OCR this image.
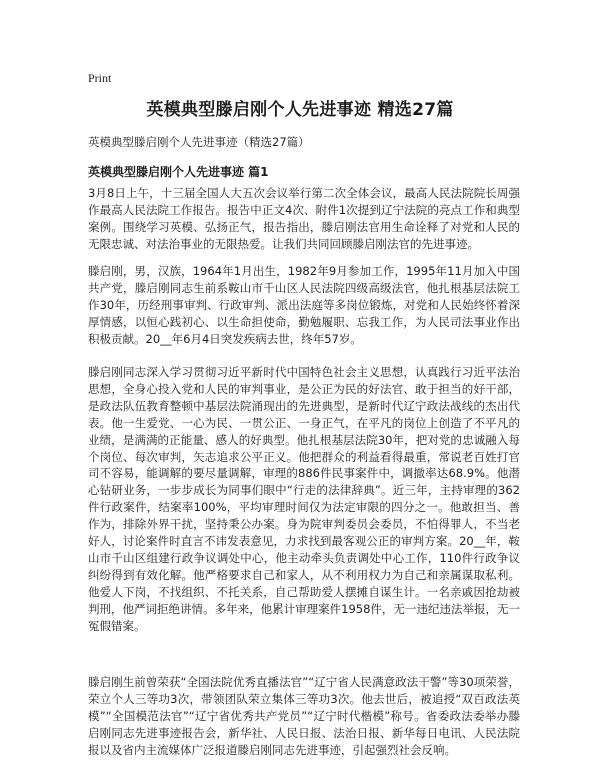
Print
英模典型滕启刚个人先进事迹 精选27篇

英模典型滕启刚个人先进事迹（精选27篇）

英模典型滕启刚个人先进事迹 篇1

3月8日上午，十三届全国人大五次会议举行第二次全体会议，最高人民法院院长周强作最高人民法院工作报告。报告中正文4次、附件1次提到辽宁法院的亮点工作和典型案例。围绕学习英模、弘扬正气，报告指出，滕启刚法官用生命诠释了对党和人民的无限忠诚、对法治事业的无限热爱。让我们共同回顾滕启刚法官的先进事迹。

滕启刚，男，汉族，1964年1月出生，1982年9月参加工作，1995年11月加入中国共产党，滕启刚同志生前系鞍山市千山区人民法院四级高级法官，他扎根基层法院工作30年，历经刑事审判、行政审判、派出法庭等多岗位锻炼，对党和人民始终怀着深厚情感，以恒心践初心、以生命担使命，勤勉履职、忘我工作，为人民司法事业作出积极贡献。20__年6月4日突发疾病去世，终年57岁。

滕启刚同志深入学习贯彻习近平新时代中国特色社会主义思想，认真践行习近平法治思想，全身心投入党和人民的审判事业，是公正为民的好法官、敢于担当的好干部，是政法队伍教育整顿中基层法院涌现出的先进典型，是新时代辽宁政法战线的杰出代表。他一生爱党、一心为民、一贯公正、一身正气，在平凡的岗位上创造了不平凡的业绩，是满满的正能量、感人的好典型。他扎根基层法院30年，把对党的忠诚融入每个岗位、每次审判，矢志追求公平正义。他把群众的利益看得最重，常说老百姓打官司不容易，能调解的要尽量调解，审理的886件民事案件中，调撤率达68.9%。他潜心钻研业务，一步步成长为同事们眼中“行走的法律辞典”。近三年，主持审理的362件行政案件，结案率100%，平均审理时间仅为法定审限的四分之一。他敢担当、善作为，排除外界干扰，坚持秉公办案。身为院审判委员会委员，不怕得罪人，不当老好人，讨论案件时直言不讳发表意见，力求找到最客观公正的审判方案。20__年，鞍山市千山区组建行政争议调处中心，他主动牵头负责调处中心工作，110件行政争议纠纷得到有效化解。他严格要求自己和家人，从不利用权力为自己和亲属谋取私利。他爱人下岗，不找组织、不托关系，自己帮助爱人摆摊自谋生计。一名亲戚因抢劫被判刑，他严词拒绝讲情。多年来，他累计审理案件1958件，无一违纪违法举报，无一冤假错案。

滕启刚生前曾荣获“全国法院优秀直播法官”“辽宁省人民满意政法干警”等30项荣誉，荣立个人三等功3次，带领团队荣立集体三等功3次。他去世后，被追授“双百政法英模”“全国模范法官”“辽宁省优秀共产党员”“辽宁时代楷模”称号。省委政法委举办滕启刚同志先进事迹报告会，新华社、人民日报、法治日报、新华每日电讯、人民法院报以及省内主流媒体广泛报道滕启刚同志先进事迹，引起强烈社会反响。
